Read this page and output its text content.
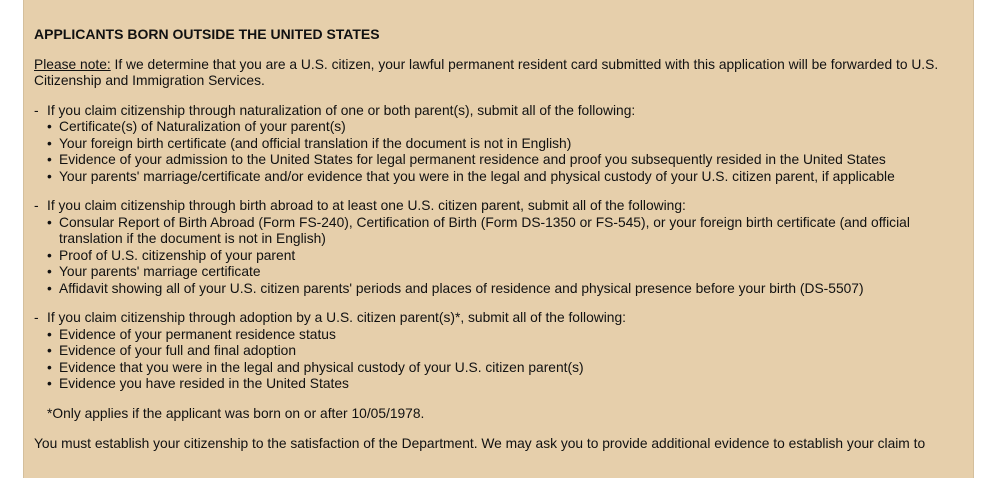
APPLICANTS BORN OUTSIDE THE UNITED STATES
Please note: If we determine that you are a U.S. citizen, your lawful permanent resident card submitted with this application will be forwarded to U.S. Citizenship and Immigration Services.
- If you claim citizenship through naturalization of one or both parent(s), submit all of the following:
• Certificate(s) of Naturalization of your parent(s)
• Your foreign birth certificate (and official translation if the document is not in English)
• Evidence of your admission to the United States for legal permanent residence and proof you subsequently resided in the United States
• Your parents' marriage/certificate and/or evidence that you were in the legal and physical custody of your U.S. citizen parent, if applicable
- If you claim citizenship through birth abroad to at least one U.S. citizen parent, submit all of the following:
• Consular Report of Birth Abroad (Form FS-240), Certification of Birth (Form DS-1350 or FS-545), or your foreign birth certificate (and official translation if the document is not in English)
• Proof of U.S. citizenship of your parent
• Your parents' marriage certificate
• Affidavit showing all of your U.S. citizen parents' periods and places of residence and physical presence before your birth (DS-5507)
- If you claim citizenship through adoption by a U.S. citizen parent(s)*, submit all of the following:
• Evidence of your permanent residence status
• Evidence of your full and final adoption
• Evidence that you were in the legal and physical custody of your U.S. citizen parent(s)
• Evidence you have resided in the United States
*Only applies if the applicant was born on or after 10/05/1978.
You must establish your citizenship to the satisfaction of the Department. We may ask you to provide additional evidence to establish your claim to
